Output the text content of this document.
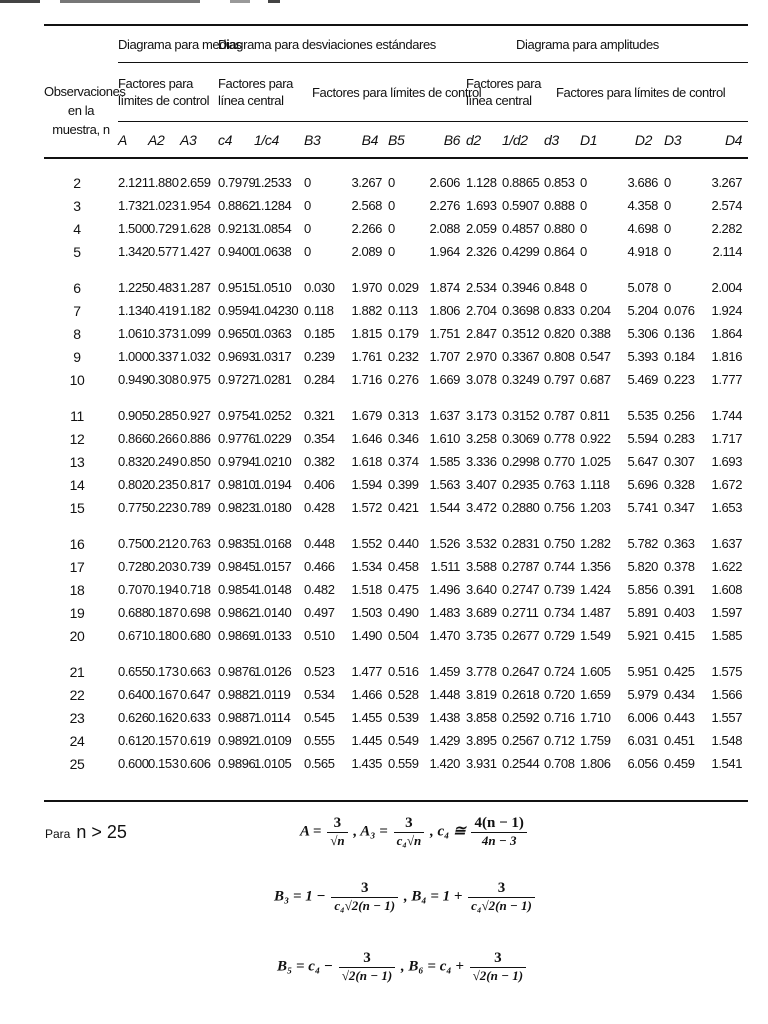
	Diagrama para medias			Diagrama para desviaciones estándares						Diagrama para amplitudes						
Observaciones
en la
muestra, n	Factores para
límites de control			Factores para
línea central		Factores para límites de control				Factores para
línea central		Factores para límites de control				
	A	A2	A3	c4	1/c4	B3	B4	B5	B6	d2	1/d2	d3	D1	D2	D3	D4

2	2.121	1.880	2.659	0.7979	1.2533	0	3.267	0	2.606	1.128	0.8865	0.853	0	3.686	0	3.267
3	1.732	1.023	1.954	0.8862	1.1284	0	2.568	0	2.276	1.693	0.5907	0.888	0	4.358	0	2.574
4	1.500	0.729	1.628	0.9213	1.0854	0	2.266	0	2.088	2.059	0.4857	0.880	0	4.698	0	2.282
5	1.342	0.577	1.427	0.9400	1.0638	0	2.089	0	1.964	2.326	0.4299	0.864	0	4.918	0	2.114

6	1.225	0.483	1.287	0.9515	1.0510	0.030	1.970	0.029	1.874	2.534	0.3946	0.848	0	5.078	0	2.004
7	1.134	0.419	1.182	0.9594	1.04230	0.118	1.882	0.113	1.806	2.704	0.3698	0.833	0.204	5.204	0.076	1.924
8	1.061	0.373	1.099	0.9650	1.0363	0.185	1.815	0.179	1.751	2.847	0.3512	0.820	0.388	5.306	0.136	1.864
9	1.000	0.337	1.032	0.9693	1.0317	0.239	1.761	0.232	1.707	2.970	0.3367	0.808	0.547	5.393	0.184	1.816
10	0.949	0.308	0.975	0.9727	1.0281	0.284	1.716	0.276	1.669	3.078	0.3249	0.797	0.687	5.469	0.223	1.777

11	0.905	0.285	0.927	0.9754	1.0252	0.321	1.679	0.313	1.637	3.173	0.3152	0.787	0.811	5.535	0.256	1.744
12	0.866	0.266	0.886	0.9776	1.0229	0.354	1.646	0.346	1.610	3.258	0.3069	0.778	0.922	5.594	0.283	1.717
13	0.832	0.249	0.850	0.9794	1.0210	0.382	1.618	0.374	1.585	3.336	0.2998	0.770	1.025	5.647	0.307	1.693
14	0.802	0.235	0.817	0.9810	1.0194	0.406	1.594	0.399	1.563	3.407	0.2935	0.763	1.118	5.696	0.328	1.672
15	0.775	0.223	0.789	0.9823	1.0180	0.428	1.572	0.421	1.544	3.472	0.2880	0.756	1.203	5.741	0.347	1.653

16	0.750	0.212	0.763	0.9835	1.0168	0.448	1.552	0.440	1.526	3.532	0.2831	0.750	1.282	5.782	0.363	1.637
17	0.728	0.203	0.739	0.9845	1.0157	0.466	1.534	0.458	1.511	3.588	0.2787	0.744	1.356	5.820	0.378	1.622
18	0.707	0.194	0.718	0.9854	1.0148	0.482	1.518	0.475	1.496	3.640	0.2747	0.739	1.424	5.856	0.391	1.608
19	0.688	0.187	0.698	0.9862	1.0140	0.497	1.503	0.490	1.483	3.689	0.2711	0.734	1.487	5.891	0.403	1.597
20	0.671	0.180	0.680	0.9869	1.0133	0.510	1.490	0.504	1.470	3.735	0.2677	0.729	1.549	5.921	0.415	1.585

21	0.655	0.173	0.663	0.9876	1.0126	0.523	1.477	0.516	1.459	3.778	0.2647	0.724	1.605	5.951	0.425	1.575
22	0.640	0.167	0.647	0.9882	1.0119	0.534	1.466	0.528	1.448	3.819	0.2618	0.720	1.659	5.979	0.434	1.566
23	0.626	0.162	0.633	0.9887	1.0114	0.545	1.455	0.539	1.438	3.858	0.2592	0.716	1.710	6.006	0.443	1.557
24	0.612	0.157	0.619	0.9892	1.0109	0.555	1.445	0.549	1.429	3.895	0.2567	0.712	1.759	6.031	0.451	1.548
25	0.600	0.153	0.606	0.9896	1.0105	0.565	1.435	0.559	1.420	3.931	0.2544	0.708	1.806	6.056	0.459	1.541
Para n > 25	$A = \frac{3}{√n}$ , $A_3 = \frac{3}{\text{c₄√n}}$ , c₄ ≅ $\frac{4(n - 1)}{4n - 3}$
$B_3 = 1 - \frac{3}{\text{c₄√2(n − 1)}}$ , $B_4 = 1 + \frac{3}{\text{c₄√2(n − 1)}}$
$B_5 = c_4 - \frac{3}{√2(n - 1)}$ , $B_6 = c_4 + \frac{3}{√2(n - 1)}$
